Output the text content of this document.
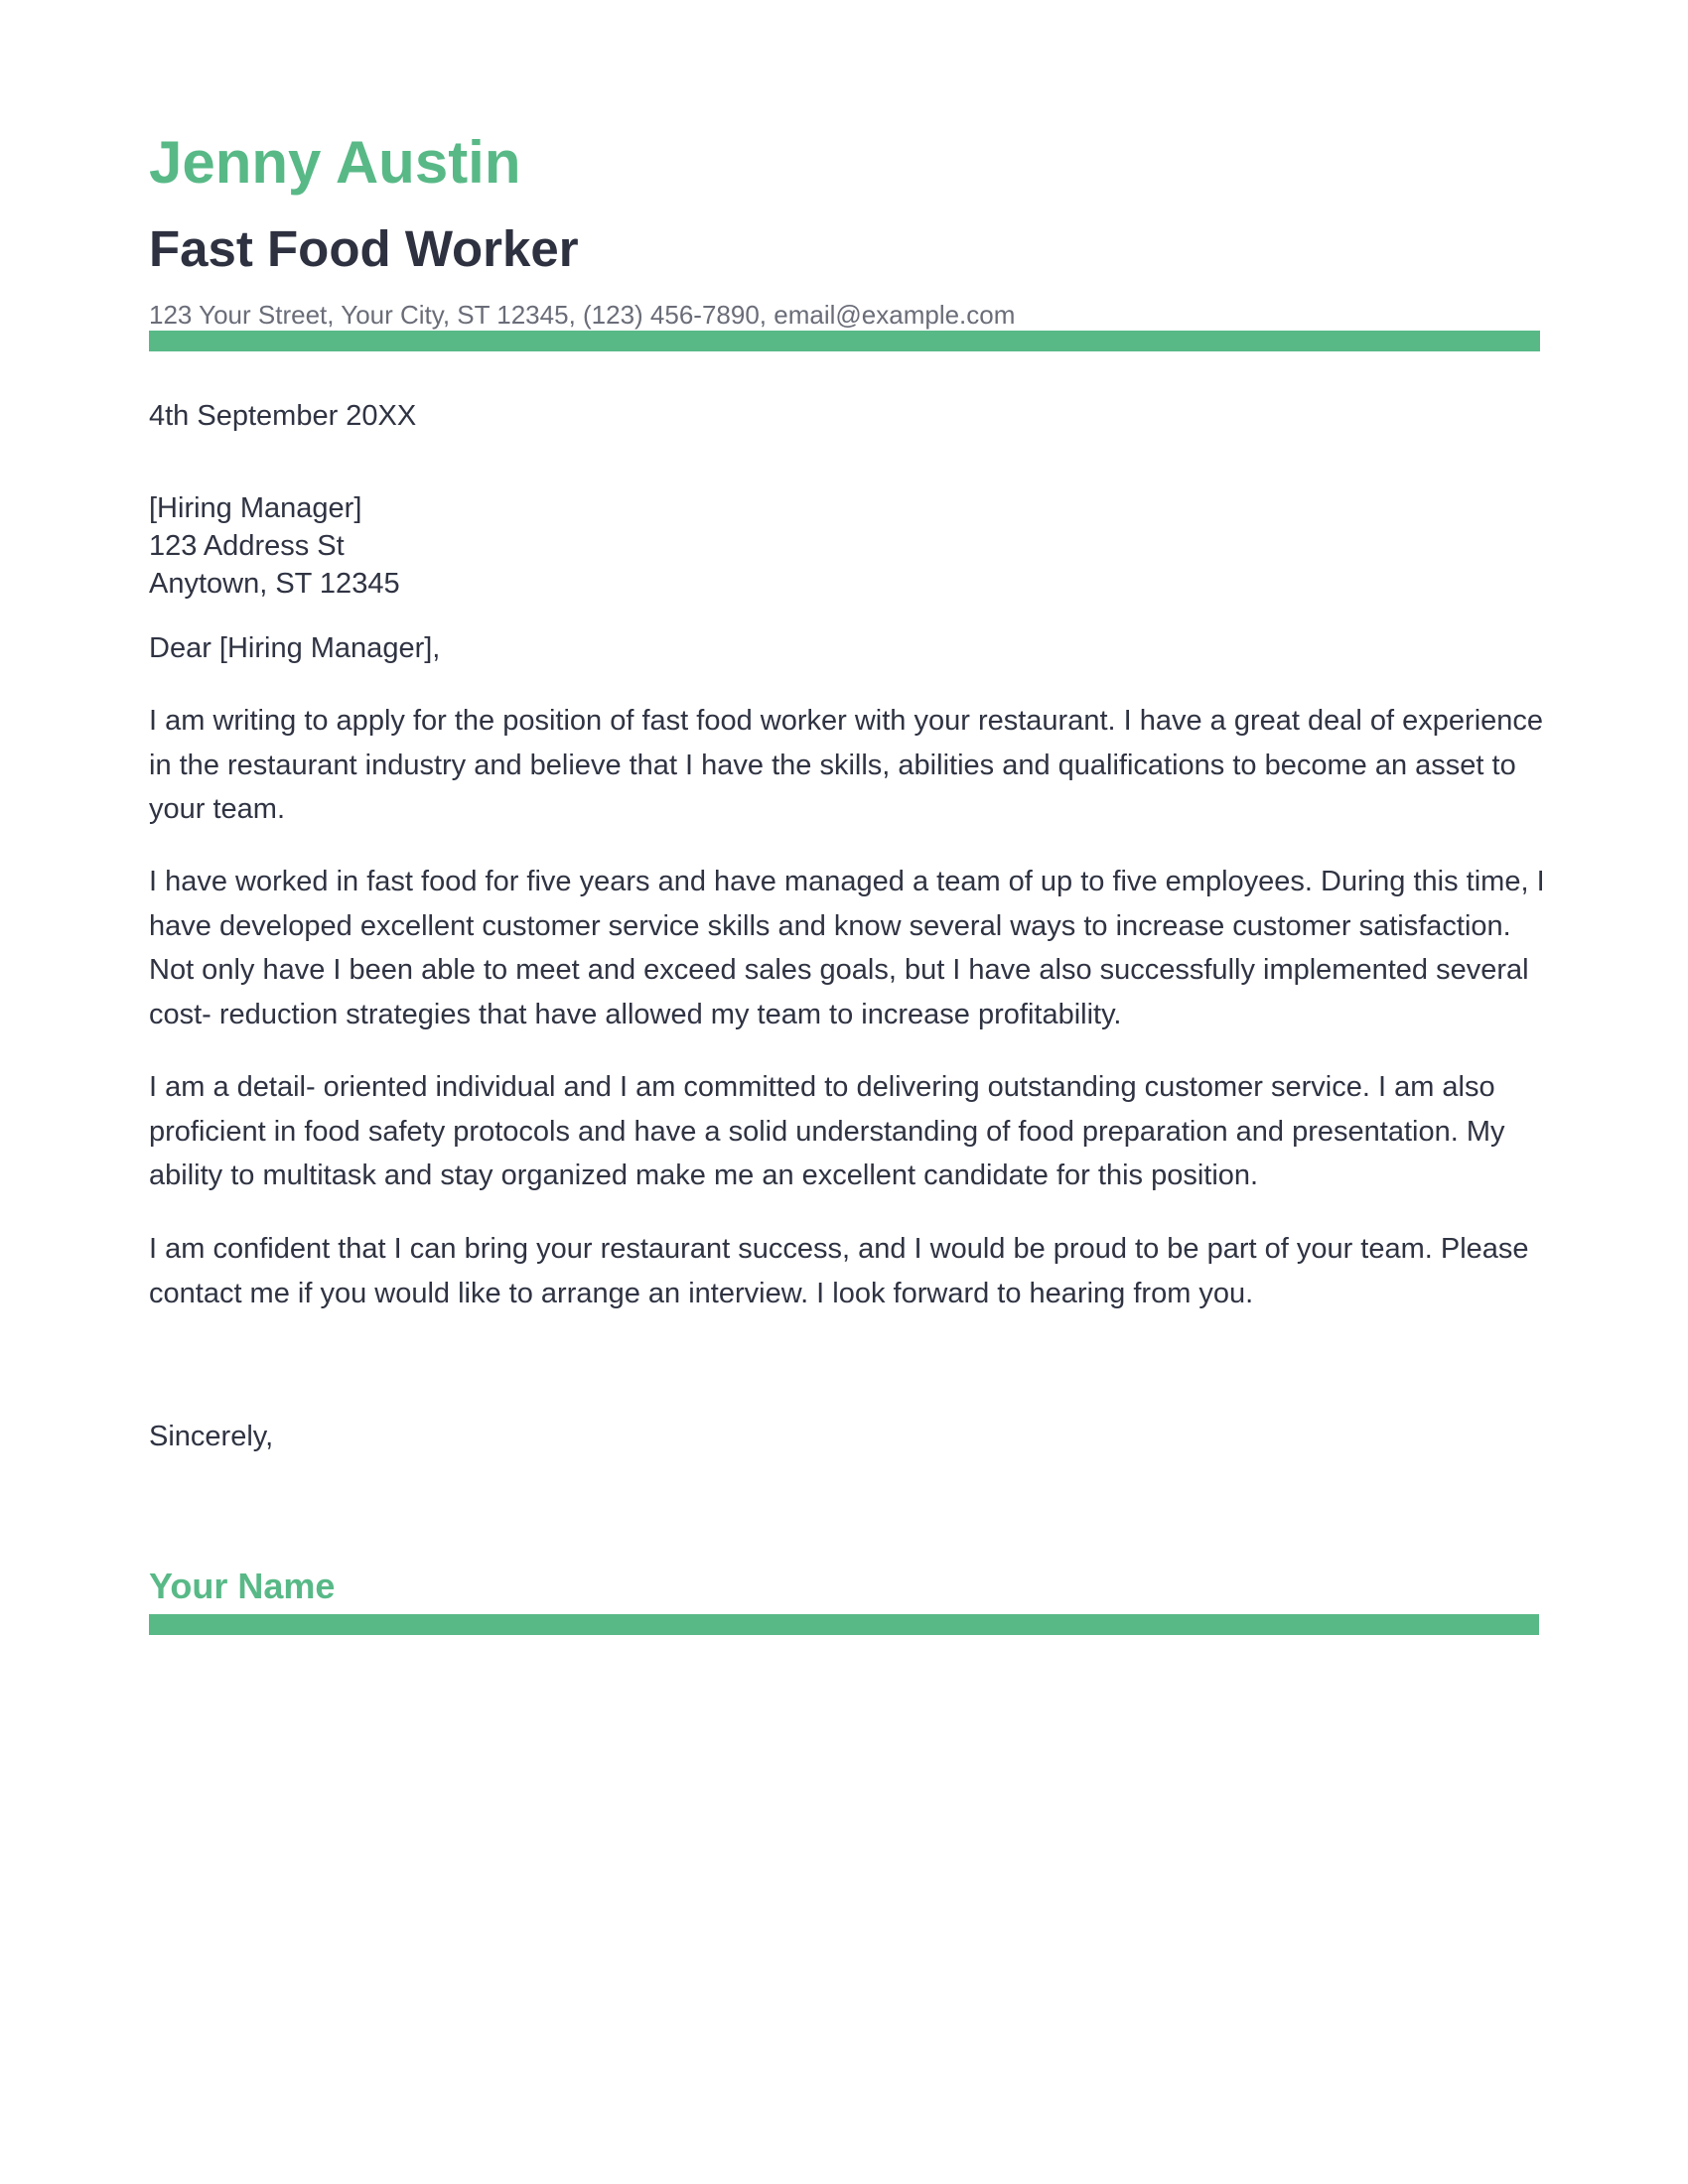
Jenny Austin
Fast Food Worker
123 Your Street, Your City, ST 12345, (123) 456-7890, email@example.com

4th September 20XX

[Hiring Manager]
123 Address St
Anytown, ST 12345

Dear [Hiring Manager],

I am writing to apply for the position of fast food worker with your restaurant. I have a great deal of experience in the restaurant industry and believe that I have the skills, abilities and qualifications to become an asset to your team.

I have worked in fast food for five years and have managed a team of up to five employees. During this time, I have developed excellent customer service skills and know several ways to increase customer satisfaction. Not only have I been able to meet and exceed sales goals, but I have also successfully implemented several cost- reduction strategies that have allowed my team to increase profitability.

I am a detail- oriented individual and I am committed to delivering outstanding customer service. I am also proficient in food safety protocols and have a solid understanding of food preparation and presentation. My ability to multitask and stay organized make me an excellent candidate for this position.

I am confident that I can bring your restaurant success, and I would be proud to be part of your team. Please contact me if you would like to arrange an interview. I look forward to hearing from you.

Sincerely,

Your Name
